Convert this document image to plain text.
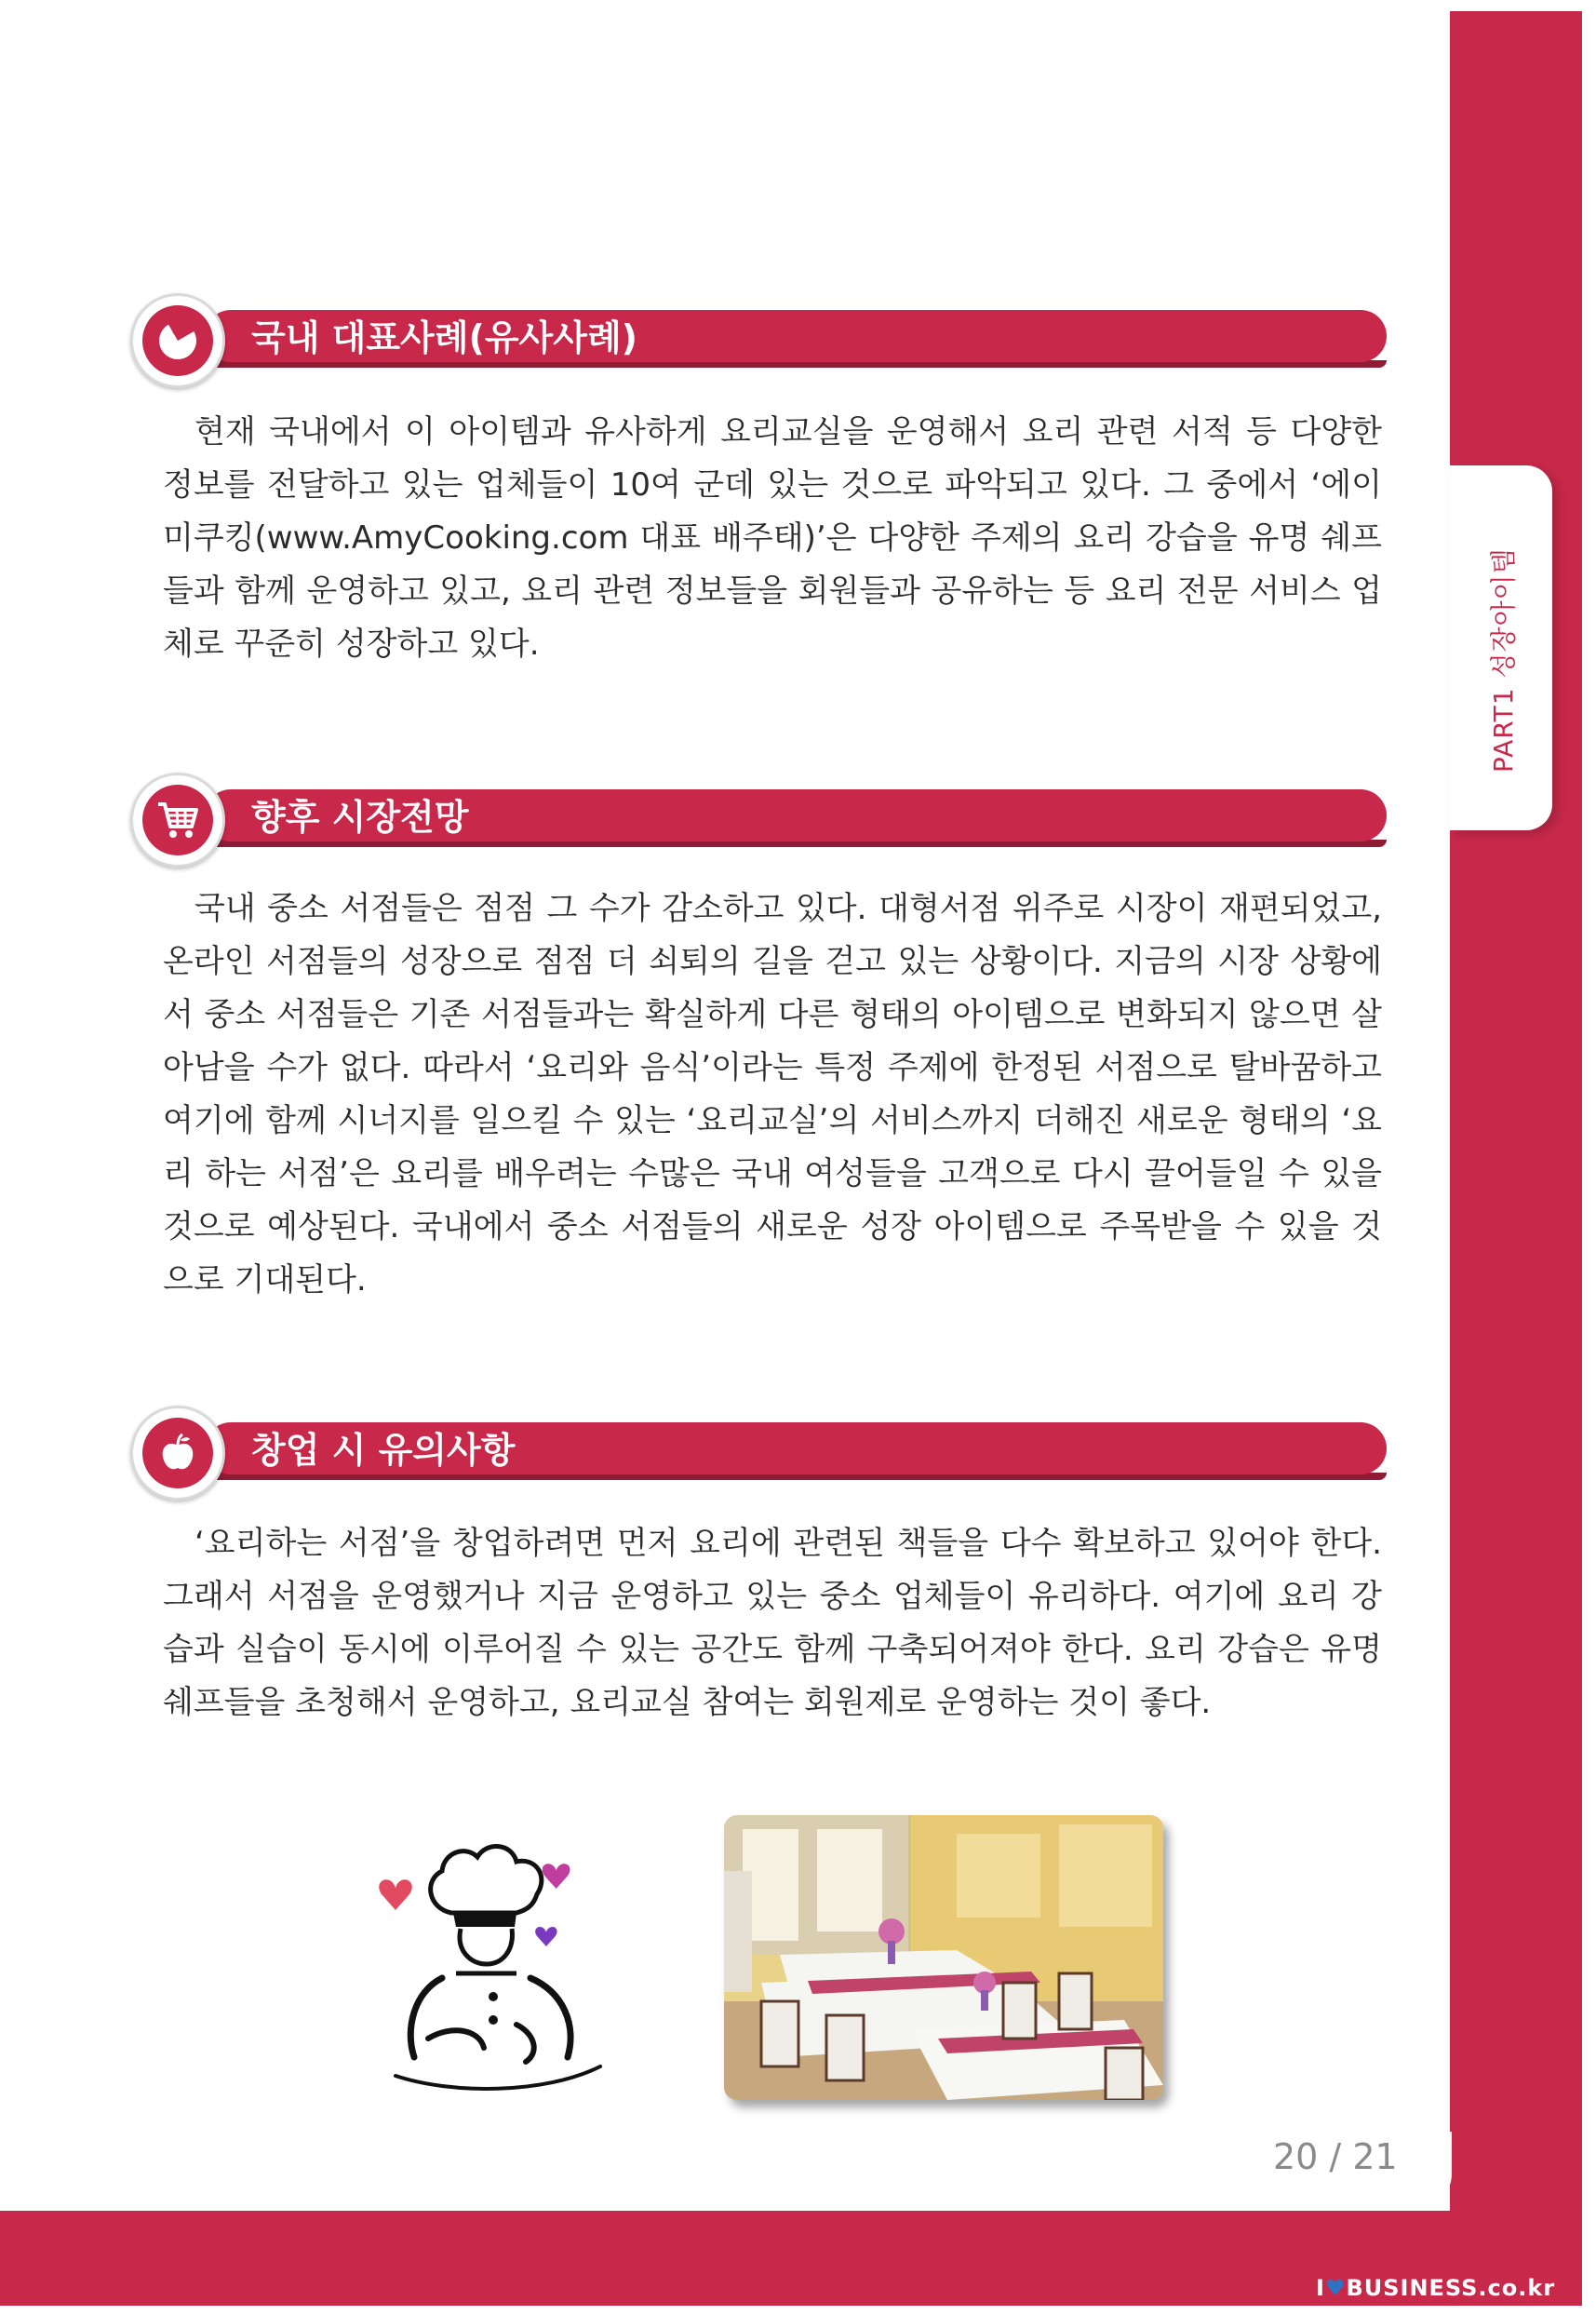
PART1 성장아이템
I♥BUSINESS.co.kr
국내 대표사례(유사사례)

현재 국내에서 이 아이템과 유사하게 요리교실을 운영해서 요리 관련 서적 등 다양한 정보를 전달하고 있는 업체들이 10여 군데 있는 것으로 파악되고 있다. 그 중에서 ‘에이미쿠킹(www.AmyCooking.com 대표 배주태)’은 다양한 주제의 요리 강습을 유명 쉐프들과 함께 운영하고 있고, 요리 관련 정보들을 회원들과 공유하는 등 요리 전문 서비스 업체로 꾸준히 성장하고 있다.

향후 시장전망

국내 중소 서점들은 점점 그 수가 감소하고 있다. 대형서점 위주로 시장이 재편되었고, 온라인 서점들의 성장으로 점점 더 쇠퇴의 길을 걷고 있는 상황이다. 지금의 시장 상황에서 중소 서점들은 기존 서점들과는 확실하게 다른 형태의 아이템으로 변화되지 않으면 살아남을 수가 없다. 따라서 ‘요리와 음식’이라는 특정 주제에 한정된 서점으로 탈바꿈하고 여기에 함께 시너지를 일으킬 수 있는 ‘요리교실’의 서비스까지 더해진 새로운 형태의 ‘요리 하는 서점’은 요리를 배우려는 수많은 국내 여성들을 고객으로 다시 끌어들일 수 있을 것으로 예상된다. 국내에서 중소 서점들의 새로운 성장 아이템으로 주목받을 수 있을 것으로 기대된다.

창업 시 유의사항

‘요리하는 서점’을 창업하려면 먼저 요리에 관련된 책들을 다수 확보하고 있어야 한다. 그래서 서점을 운영했거나 지금 운영하고 있는 중소 업체들이 유리하다. 여기에 요리 강습과 실습이 동시에 이루어질 수 있는 공간도 함께 구축되어져야 한다. 요리 강습은 유명 쉐프들을 초청해서 운영하고, 요리교실 참여는 회원제로 운영하는 것이 좋다.

20 / 21
